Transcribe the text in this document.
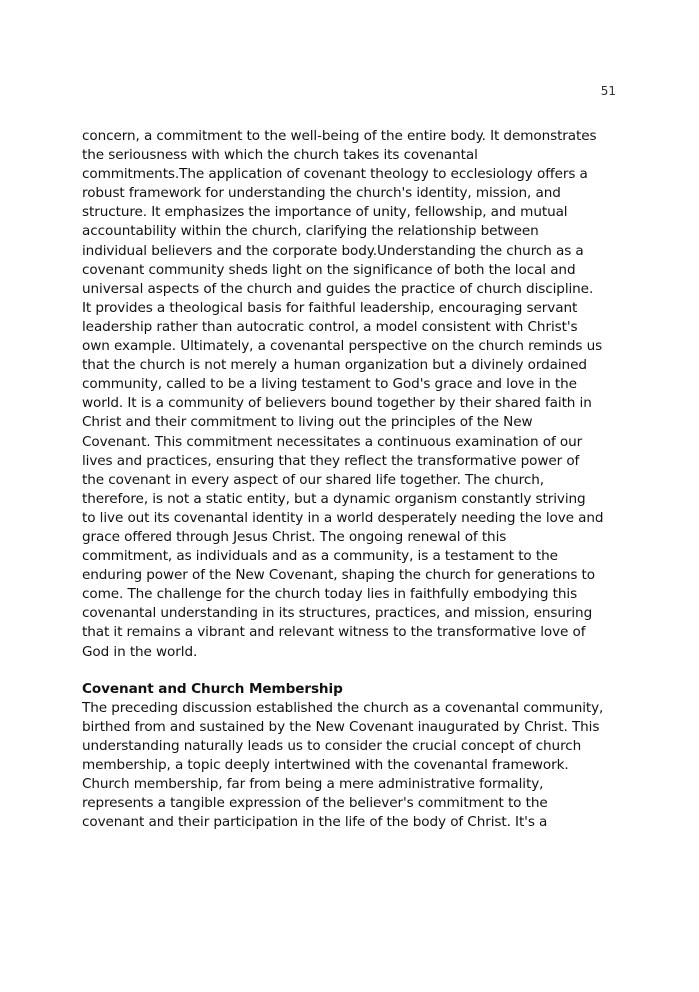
51
concern, a commitment to the well-being of the entire body. It demonstrates
the seriousness with which the church takes its covenantal
commitments.The application of covenant theology to ecclesiology offers a
robust framework for understanding the church's identity, mission, and
structure. It emphasizes the importance of unity, fellowship, and mutual
accountability within the church, clarifying the relationship between
individual believers and the corporate body.Understanding the church as a
covenant community sheds light on the significance of both the local and
universal aspects of the church and guides the practice of church discipline.
It provides a theological basis for faithful leadership, encouraging servant
leadership rather than autocratic control, a model consistent with Christ's
own example. Ultimately, a covenantal perspective on the church reminds us
that the church is not merely a human organization but a divinely ordained
community, called to be a living testament to God's grace and love in the
world. It is a community of believers bound together by their shared faith in
Christ and their commitment to living out the principles of the New
Covenant. This commitment necessitates a continuous examination of our
lives and practices, ensuring that they reflect the transformative power of
the covenant in every aspect of our shared life together. The church,
therefore, is not a static entity, but a dynamic organism constantly striving
to live out its covenantal identity in a world desperately needing the love and
grace offered through Jesus Christ. The ongoing renewal of this
commitment, as individuals and as a community, is a testament to the
enduring power of the New Covenant, shaping the church for generations to
come. The challenge for the church today lies in faithfully embodying this
covenantal understanding in its structures, practices, and mission, ensuring
that it remains a vibrant and relevant witness to the transformative love of
God in the world.
Covenant and Church Membership
The preceding discussion established the church as a covenantal community,
birthed from and sustained by the New Covenant inaugurated by Christ. This
understanding naturally leads us to consider the crucial concept of church
membership, a topic deeply intertwined with the covenantal framework.
Church membership, far from being a mere administrative formality,
represents a tangible expression of the believer's commitment to the
covenant and their participation in the life of the body of Christ. It's a
